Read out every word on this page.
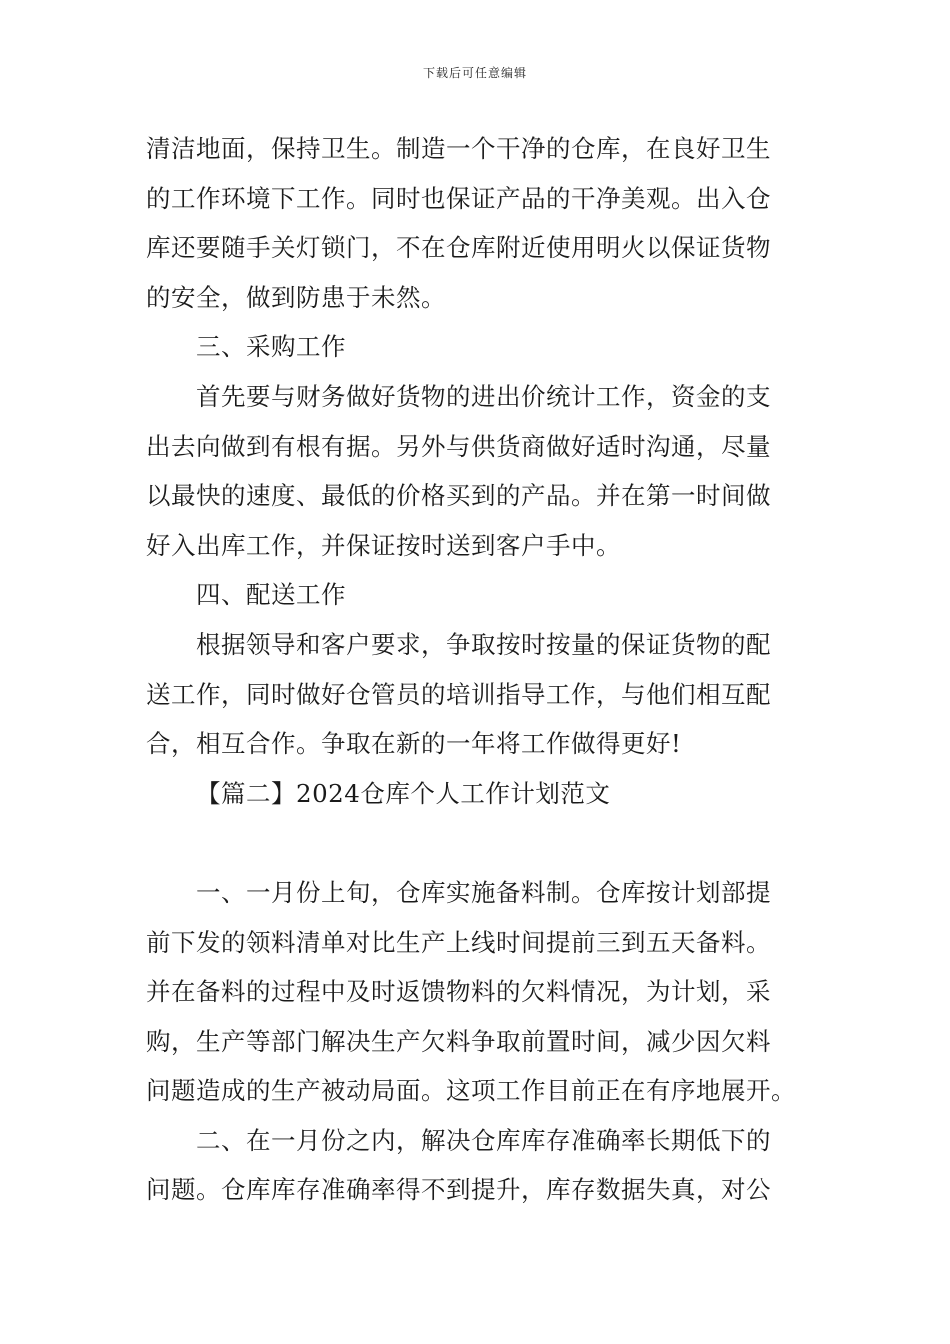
下载后可任意编辑
清洁地面，保持卫生。制造一个干净的仓库，在良好卫生
的工作环境下工作。同时也保证产品的干净美观。出入仓
库还要随手关灯锁门，不在仓库附近使用明火以保证货物
的安全，做到防患于未然。
三、采购工作
首先要与财务做好货物的进出价统计工作，资金的支
出去向做到有根有据。另外与供货商做好适时沟通，尽量
以最快的速度、最低的价格买到的产品。并在第一时间做
好入出库工作，并保证按时送到客户手中。
四、配送工作
根据领导和客户要求，争取按时按量的保证货物的配
送工作，同时做好仓管员的培训指导工作，与他们相互配
合，相互合作。争取在新的一年将工作做得更好!
【篇二】2024仓库个人工作计划范文
一、一月份上旬，仓库实施备料制。仓库按计划部提
前下发的领料清单对比生产上线时间提前三到五天备料。
并在备料的过程中及时返馈物料的欠料情况，为计划，采
购，生产等部门解决生产欠料争取前置时间，减少因欠料
问题造成的生产被动局面。这项工作目前正在有序地展开。
二、在一月份之内，解决仓库库存准确率长期低下的
问题。仓库库存准确率得不到提升，库存数据失真，对公
